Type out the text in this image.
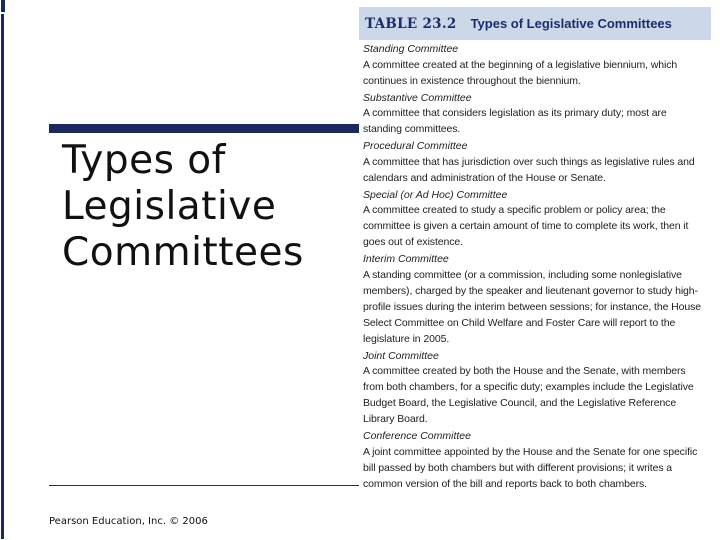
Types of Legislative Committees
Pearson Education, Inc. © 2006
TABLE 23.2 Types of Legislative Committees
Standing Committee
A committee created at the beginning of a legislative biennium, which continues in existence throughout the biennium.
Substantive Committee
A committee that considers legislation as its primary duty; most are standing committees.
Procedural Committee
A committee that has jurisdiction over such things as legislative rules and calendars and administration of the House or Senate.
Special (or Ad Hoc) Committee
A committee created to study a specific problem or policy area; the committee is given a certain amount of time to complete its work, then it goes out of existence.
Interim Committee
A standing committee (or a commission, including some nonlegislative members), charged by the speaker and lieutenant governor to study high-profile issues during the interim between sessions; for instance, the House Select Committee on Child Welfare and Foster Care will report to the legislature in 2005.
Joint Committee
A committee created by both the House and the Senate, with members from both chambers, for a specific duty; examples include the Legislative Budget Board, the Legislative Council, and the Legislative Reference Library Board.
Conference Committee
A joint committee appointed by the House and the Senate for one specific bill passed by both chambers but with different provisions; it writes a common version of the bill and reports back to both chambers.
